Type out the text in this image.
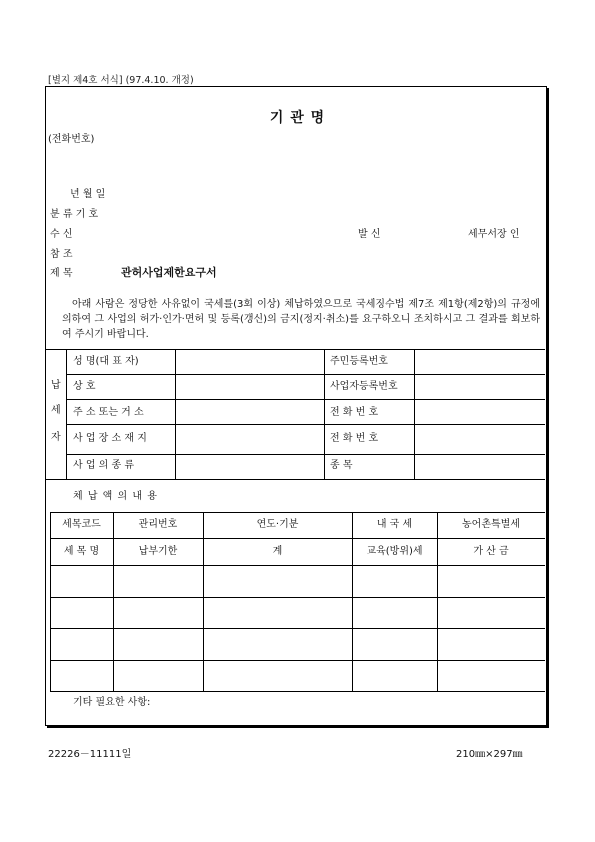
[별지 제4호 서식] (97.4.10. 개정)
기 관 명
(전화번호)
년 월 일
분 류 기 호
수 신	발 신	세무서장 인
참 조
제 목	관허사업제한요구서
아래 사람은 정당한 사유없이 국세를(3회 이상) 체납하였으므로 국세징수법 제7조 제1항(제2항)의 규정에 의하여 그 사업의 허가·인가·면허 및 등록(갱신)의 금지(정지·취소)를 요구하오니 조치하시고 그 결과를 회보하여 주시기 바랍니다.
납
세
자
성 명(대 표 자)	주민등록번호
상 호	사업자등록번호
주 소 또는 거 소	전 화 번 호
사 업 장 소 재 지	전 화 번 호
사 업 의 종 류	종 목
체 납 액 의 내 용
세목코드	관리번호	연도·기분	내 국 세	농어촌특별세
세 목 명	납부기한	계	교육(방위)세	가 산 금
기타 필요한 사항:
22226－11111일	210㎜×297㎜
